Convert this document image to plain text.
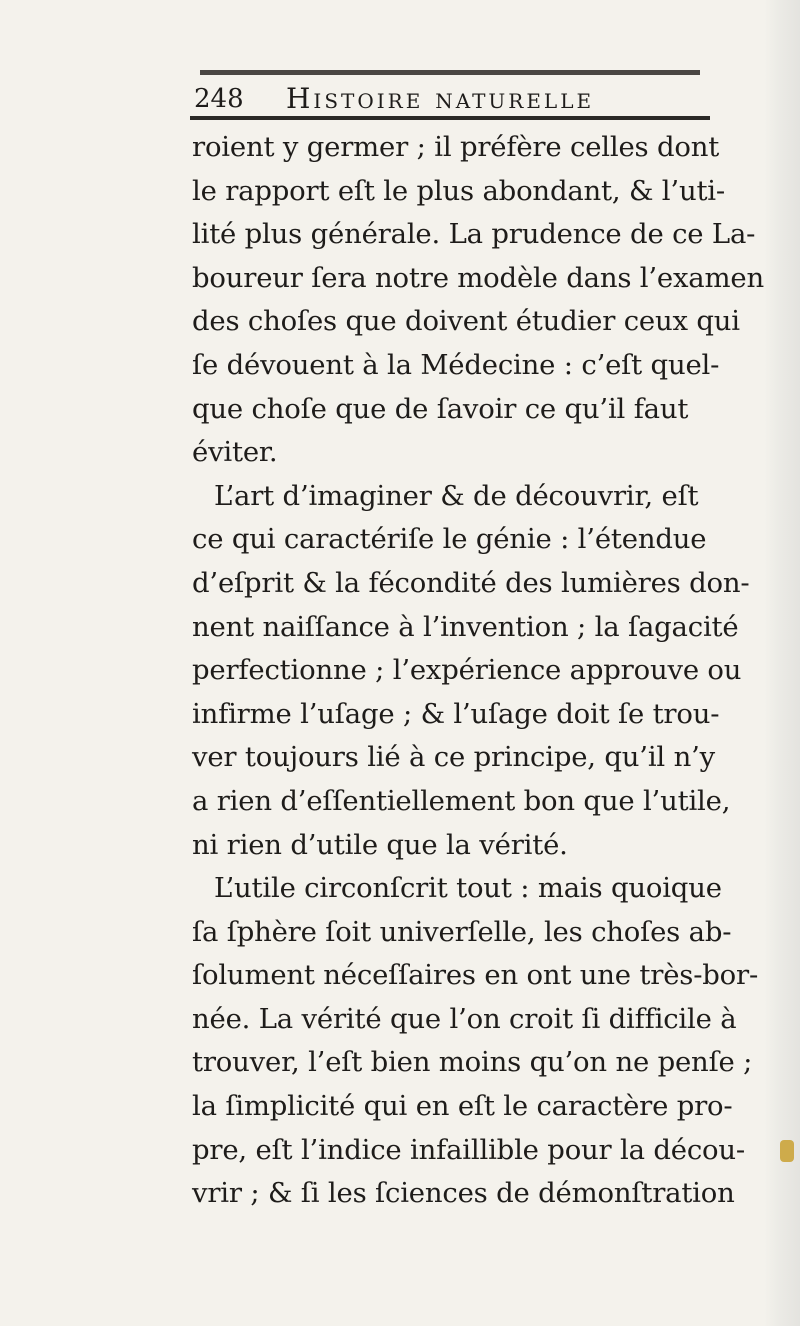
248 Histoire naturelle
roient y germer ; il préfère celles dont
le rapport eſt le plus abondant, & l’uti-
lité plus générale. La prudence de ce La-
boureur ſera notre modèle dans l’examen
des choſes que doivent étudier ceux qui
ſe dévouent à la Médecine : c’eſt quel-
que choſe que de ſavoir ce qu’il faut
éviter.
L’art d’imaginer & de découvrir, eſt
ce qui caractériſe le génie : l’étendue
d’eſprit & la fécondité des lumières don-
nent naiſſance à l’invention ; la ſagacité
perfectionne ; l’expérience approuve ou
infirme l’uſage ; & l’uſage doit ſe trou-
ver toujours lié à ce principe, qu’il n’y
a rien d’eſſentiellement bon que l’utile,
ni rien d’utile que la vérité.
L’utile circonſcrit tout : mais quoique
ſa ſphère ſoit univerſelle, les choſes ab-
ſolument néceſſaires en ont une très-bor-
née. La vérité que l’on croit ſi difficile à
trouver, l’eſt bien moins qu’on ne penſe ;
la ſimplicité qui en eſt le caractère pro-
pre, eſt l’indice infaillible pour la décou-
vrir ; & ſi les ſciences de démonſtration
